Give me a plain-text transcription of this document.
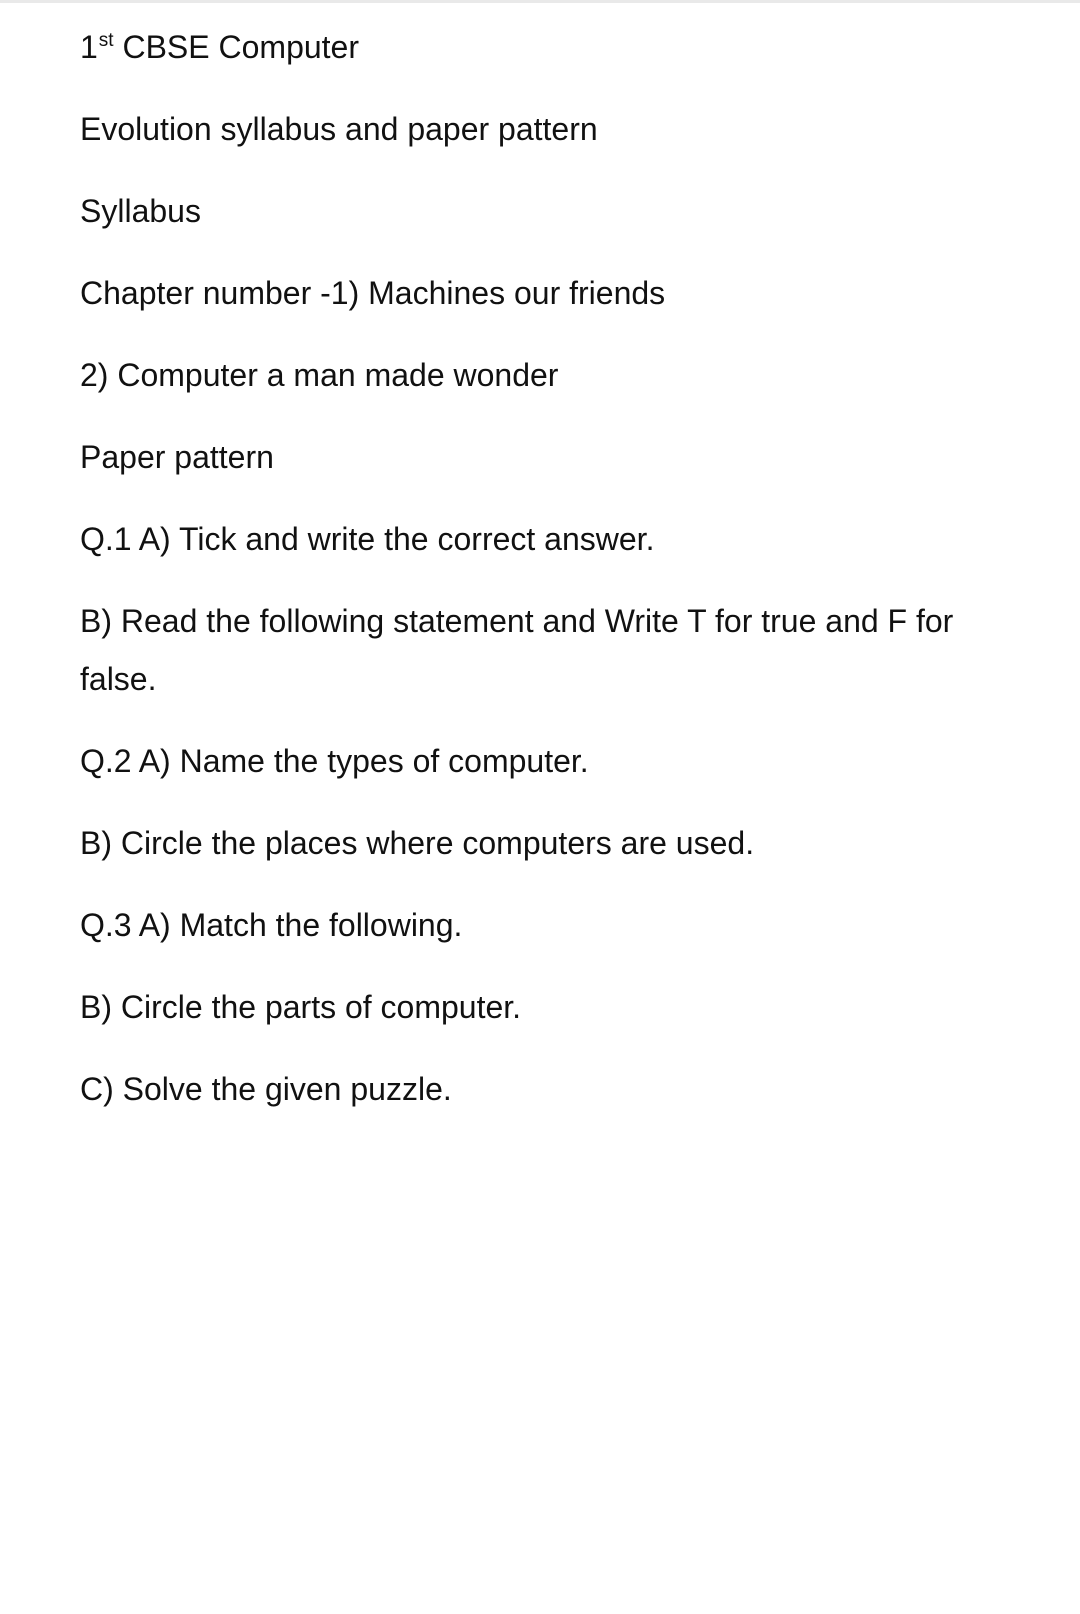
1st CBSE Computer
Evolution syllabus and paper pattern
Syllabus
Chapter number -1) Machines our friends
2) Computer a man made wonder
Paper pattern
Q.1 A) Tick and write the correct answer.
B) Read the following statement and Write T for true and F for false.
Q.2 A) Name the types of computer.
B) Circle the places where computers are used.
Q.3 A) Match the following.
B) Circle the parts of computer.
C) Solve the given puzzle.
